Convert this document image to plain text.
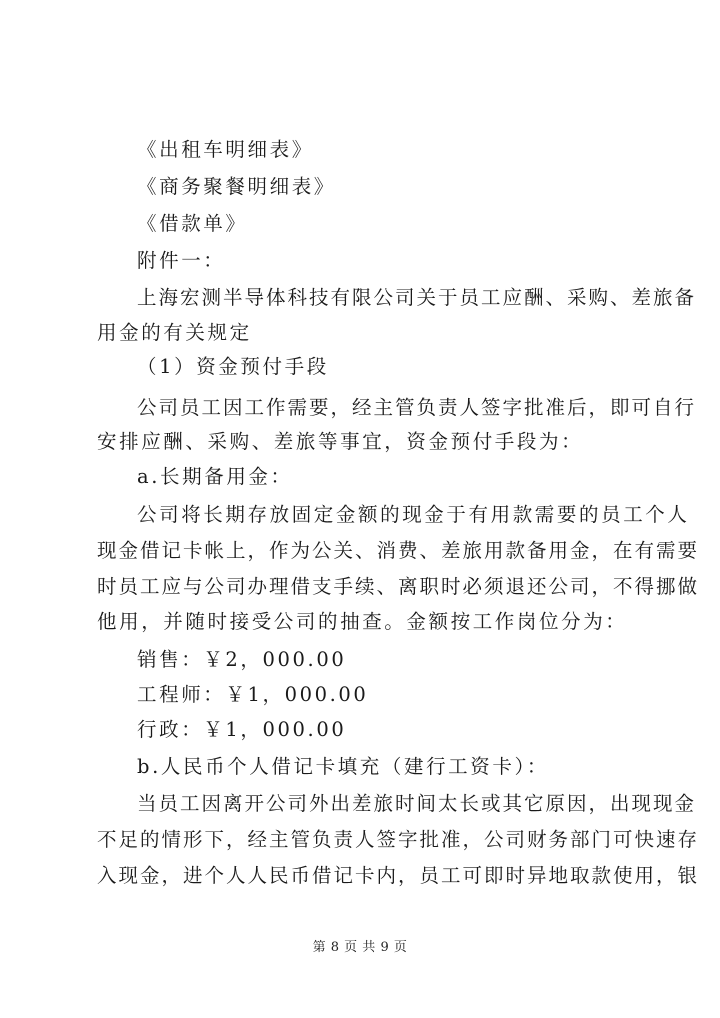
《出租车明细表》
《商务聚餐明细表》
《借款单》
附件一：
上海宏测半导体科技有限公司关于员工应酬、采购、差旅备
用金的有关规定
（1）资金预付手段
公司员工因工作需要，经主管负责人签字批准后，即可自行
安排应酬、采购、差旅等事宜，资金预付手段为：
a.长期备用金：
公司将长期存放固定金额的现金于有用款需要的员工个人
现金借记卡帐上，作为公关、消费、差旅用款备用金，在有需要
时员工应与公司办理借支手续、离职时必须退还公司，不得挪做
他用，并随时接受公司的抽查。金额按工作岗位分为：
销售：￥2，000.00
工程师：￥1，000.00
行政：￥1，000.00
b.人民币个人借记卡填充（建行工资卡）：
当员工因离开公司外出差旅时间太长或其它原因，出现现金
不足的情形下，经主管负责人签字批准，公司财务部门可快速存
入现金，进个人人民币借记卡内，员工可即时异地取款使用，银
第 8 页 共 9 页
